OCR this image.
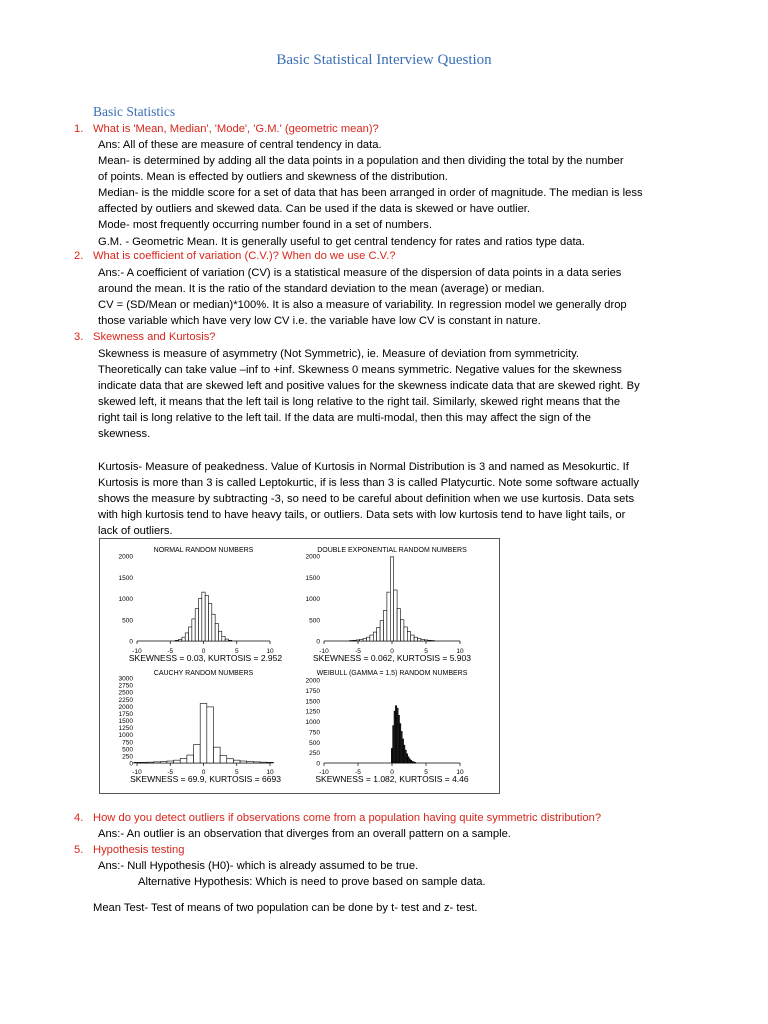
Basic Statistical Interview Question
Basic Statistics
1. What is 'Mean, Median', 'Mode', 'G.M.' (geometric mean)?

Ans: All of these are measure of central tendency in data.

Mean- is determined by adding all the data points in a population and then dividing the total by the number

of points. Mean is effected by outliers and skewness of the distribution.

Median- is the middle score for a set of data that has been arranged in order of magnitude. The median is less

affected by outliers and skewed data. Can be used if the data is skewed or have outlier.

Mode- most frequently occurring number found in a set of numbers.

G.M. - Geometric Mean. It is generally useful to get central tendency for rates and ratios type data.

2. What is coefficient of variation (C.V.)? When do we use C.V.?

Ans:- A coefficient of variation (CV) is a statistical measure of the dispersion of data points in a data series

around the mean. It is the ratio of the standard deviation to the mean (average) or median.

CV = (SD/Mean or median)*100%. It is also a measure of variability. In regression model we generally drop

those variable which have very low CV i.e. the variable have low CV is constant in nature.

3. Skewness and Kurtosis?

Skewness is measure of asymmetry (Not Symmetric), ie. Measure of deviation from symmetricity.

Theoretically can take value –inf to +inf. Skewness 0 means symmetric. Negative values for the skewness

indicate data that are skewed left and positive values for the skewness indicate data that are skewed right. By

skewed left, it means that the left tail is long relative to the right tail. Similarly, skewed right means that the

right tail is long relative to the left tail. If the data are multi-modal, then this may affect the sign of the

skewness.

Kurtosis- Measure of peakedness. Value of Kurtosis in Normal Distribution is 3 and named as Mesokurtic. If

Kurtosis is more than 3 is called Leptokurtic, if is less than 3 is called Platycurtic. Note some software actually

shows the measure by subtracting -3, so need to be careful about definition when we use kurtosis. Data sets

with high kurtosis tend to have heavy tails, or outliers. Data sets with low kurtosis tend to have light tails, or

lack of outliers.

NORMAL RANDOM NUMBERS
-10	-5	0	5	10
0
500
1000
1500
2000
SKEWNESS = 0.03, KURTOSIS = 2.952
DOUBLE EXPONENTIAL RANDOM NUMBERS
-10	-5	0	5	10
0
500
1000
1500
2000
SKEWNESS = 0.062, KURTOSIS = 5.903
CAUCHY RANDOM NUMBERS
-10	-5	0	5	10
0
250
500
750
1000
1250
1500
1750
2000
2250
2500
2750
3000
SKEWNESS = 69.9, KURTOSIS = 6693
WEIBULL (GAMMA = 1.5) RANDOM NUMBERS
-10	-5	0	5	10
0
250
500
750
1000
1250
1500
1750
2000
SKEWNESS = 1.082, KURTOSIS = 4.46
4. How do you detect outliers if observations come from a population having quite symmetric distribution?

Ans:- An outlier is an observation that diverges from an overall pattern on a sample.

5. Hypothesis testing

Ans:- Null Hypothesis (H0)- which is already assumed to be true.

Alternative Hypothesis: Which is need to prove based on sample data.

Mean Test- Test of means of two population can be done by t- test and z- test.
